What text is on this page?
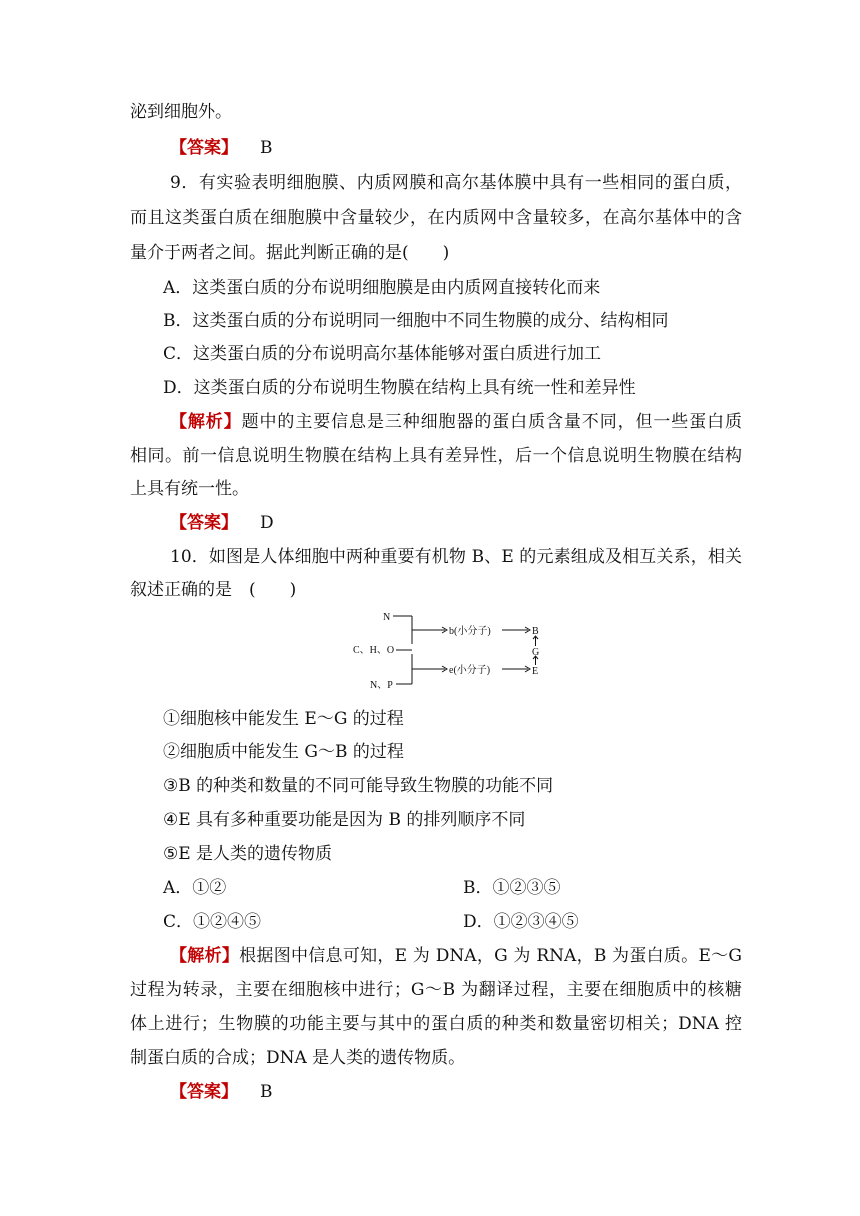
泌到细胞外。
【答案】 B
9．有实验表明细胞膜、内质网膜和高尔基体膜中具有一些相同的蛋白质，
而且这类蛋白质在细胞膜中含量较少，在内质网中含量较多，在高尔基体中的含
量介于两者之间。据此判断正确的是(　　)
A．这类蛋白质的分布说明细胞膜是由内质网直接转化而来
B．这类蛋白质的分布说明同一细胞中不同生物膜的成分、结构相同
C．这类蛋白质的分布说明高尔基体能够对蛋白质进行加工
D．这类蛋白质的分布说明生物膜在结构上具有统一性和差异性
【解析】题中的主要信息是三种细胞器的蛋白质含量不同，但一些蛋白质
相同。前一信息说明生物膜在结构上具有差异性，后一个信息说明生物膜在结构
上具有统一性。
【答案】 D
10．如图是人体细胞中两种重要有机物 B、E 的元素组成及相互关系，相关
叙述正确的是　(　　)
N
C、H、O
N、P
b(小分子)
e(小分子)
B
G
E
①细胞核中能发生 E～G 的过程
②细胞质中能发生 G～B 的过程
③B 的种类和数量的不同可能导致生物膜的功能不同
④E 具有多种重要功能是因为 B 的排列顺序不同
⑤E 是人类的遗传物质
A．①②	B．①②③⑤
C．①②④⑤	D．①②③④⑤
【解析】根据图中信息可知，E 为 DNA，G 为 RNA，B 为蛋白质。E～G
过程为转录，主要在细胞核中进行；G～B 为翻译过程，主要在细胞质中的核糖
体上进行；生物膜的功能主要与其中的蛋白质的种类和数量密切相关；DNA 控
制蛋白质的合成；DNA 是人类的遗传物质。
【答案】 B
